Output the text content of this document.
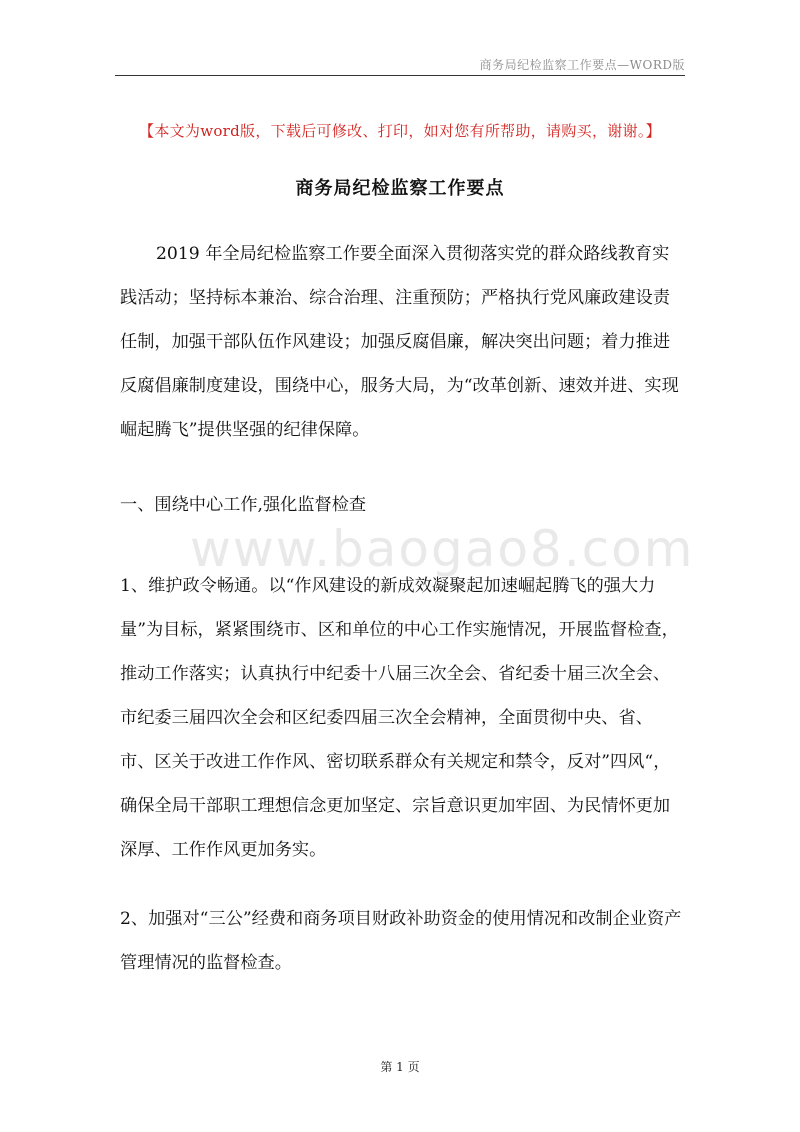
商务局纪检监察工作要点—WORD版
【本文为word版，下载后可修改、打印，如对您有所帮助，请购买，谢谢。】
商务局纪检监察工作要点

2019 年全局纪检监察工作要全面深入贯彻落实党的群众路线教育实践活动；坚持标本兼治、综合治理、注重预防；严格执行党风廉政建设责任制，加强干部队伍作风建设；加强反腐倡廉，解决突出问题；着力推进反腐倡廉制度建设，围绕中心，服务大局，为“改革创新、速效并进、实现崛起腾飞”提供坚强的纪律保障。

一、围绕中心工作,强化监督检查
www.baogao8.com

1、维护政令畅通。以“作风建设的新成效凝聚起加速崛起腾飞的强大力量”为目标，紧紧围绕市、区和单位的中心工作实施情况，开展监督检查，推动工作落实；认真执行中纪委十八届三次全会、省纪委十届三次全会、市纪委三届四次全会和区纪委四届三次全会精神，全面贯彻中央、省、市、区关于改进工作作风、密切联系群众有关规定和禁令，反对”四风“，确保全局干部职工理想信念更加坚定、宗旨意识更加牢固、为民情怀更加深厚、工作作风更加务实。

2、加强对“三公”经费和商务项目财政补助资金的使用情况和改制企业资产管理情况的监督检查。

第 1 页
